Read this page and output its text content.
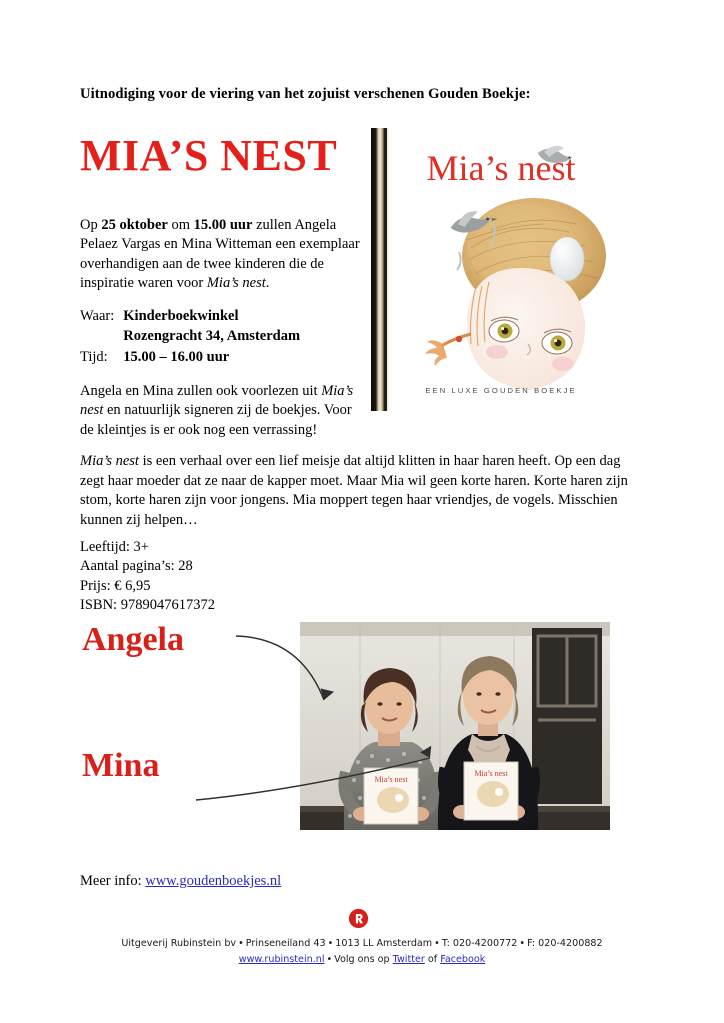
Uitnodiging voor de viering van het zojuist verschenen Gouden Boekje:
MIA’S NEST Mia’s nest
EEN LUXE GOUDEN BOEKJE

Op 25 oktober om 15.00 uur zullen Angela Pelaez Vargas en Mina Witteman een exemplaar overhandigen aan de twee kinderen die de inspiratie waren voor Mia’s nest.

Waar:	Kinderboekwinkel
	Rozengracht 34, Amsterdam
Tijd:	15.00 – 16.00 uur

Angela en Mina zullen ook voorlezen uit Mia’s nest en natuurlijk signeren zij de boekjes. Voor de kleintjes is er ook nog een verrassing!

Mia’s nest is een verhaal over een lief meisje dat altijd klitten in haar haren heeft. Op een dag zegt haar moeder dat ze naar de kapper moet. Maar Mia wil geen korte haren. Korte haren zijn stom, korte haren zijn voor jongens. Mia moppert tegen haar vriendjes, de vogels. Misschien kunnen zij helpen…
Leeftijd: 3+
Aantal pagina’s: 28
Prijs: € 6,95
ISBN: 9789047617372
Angela
Mina	Mia’s nest
Mia’s nest
Meer info: www.goudenboekjes.nl
Uitgeverij Rubinstein bv • Prinseneiland 43 • 1013 LL Amsterdam • T: 020-4200772 • F: 020-4200882
www.rubinstein.nl • Volg ons op Twitter of Facebook
